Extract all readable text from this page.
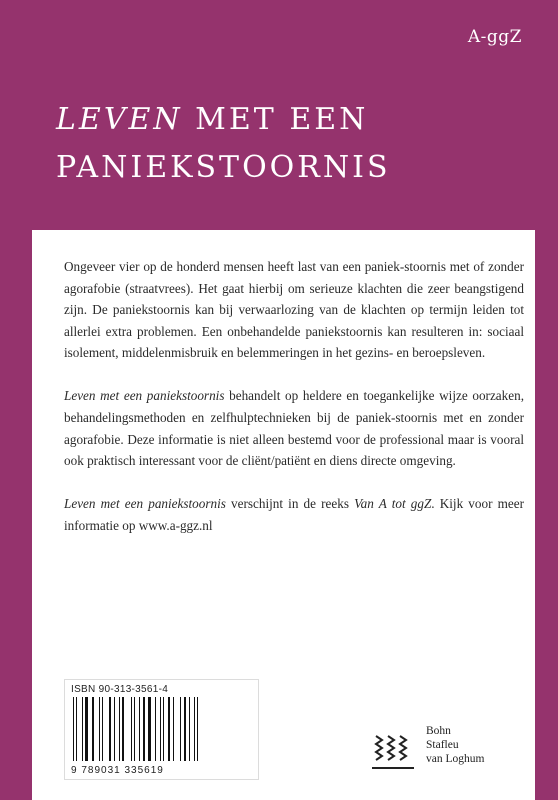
A-ggZ
LEVEN MET EEN
PANIEKSTOORNIS

Ongeveer vier op de honderd mensen heeft last van een paniek-stoornis met of zonder agorafobie (straatvrees). Het gaat hierbij om serieuze klachten die zeer beangstigend zijn. De paniekstoornis kan bij verwaarlozing van de klachten op termijn leiden tot allerlei extra problemen. Een onbehandelde paniekstoornis kan resulteren in: sociaal isolement, middelenmisbruik en belemmeringen in het gezins- en beroepsleven.

Leven met een paniekstoornis behandelt op heldere en toegankelijke wijze oorzaken, behandelingsmethoden en zelfhulptechnieken bij de paniek-stoornis met en zonder agorafobie. Deze informatie is niet alleen bestemd voor de professional maar is vooral ook praktisch interessant voor de cliënt/patiënt en diens directe omgeving.

Leven met een paniekstoornis verschijnt in de reeks Van A tot ggZ. Kijk voor meer informatie op www.a-ggz.nl

ISBN 90-313-3561-4
9 789031 335619
Bohn
Stafleu
van Loghum
